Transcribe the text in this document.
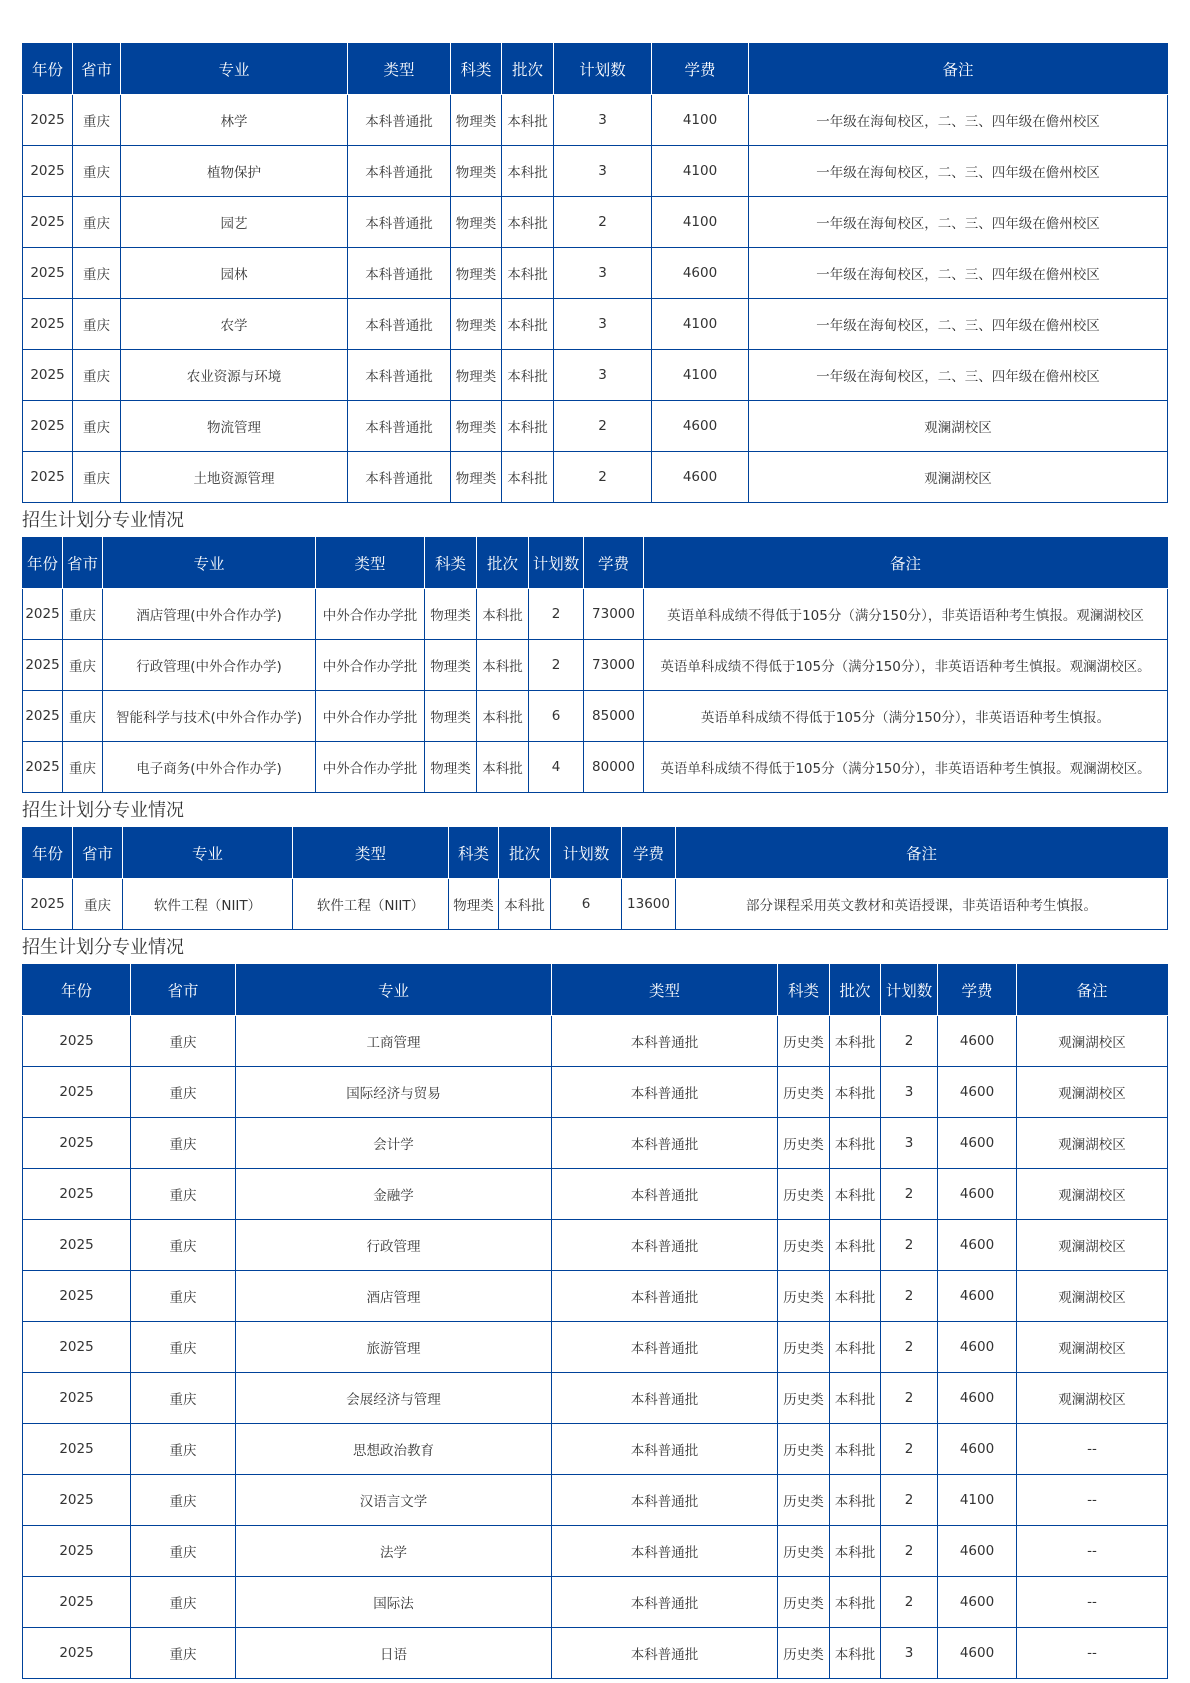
年份	省市	专业	类型	科类	批次	计划数	学费	备注
2025	重庆	林学	本科普通批	物理类	本科批	3	4100	一年级在海甸校区，二、三、四年级在儋州校区
2025	重庆	植物保护	本科普通批	物理类	本科批	3	4100	一年级在海甸校区，二、三、四年级在儋州校区
2025	重庆	园艺	本科普通批	物理类	本科批	2	4100	一年级在海甸校区，二、三、四年级在儋州校区
2025	重庆	园林	本科普通批	物理类	本科批	3	4600	一年级在海甸校区，二、三、四年级在儋州校区
2025	重庆	农学	本科普通批	物理类	本科批	3	4100	一年级在海甸校区，二、三、四年级在儋州校区
2025	重庆	农业资源与环境	本科普通批	物理类	本科批	3	4100	一年级在海甸校区，二、三、四年级在儋州校区
2025	重庆	物流管理	本科普通批	物理类	本科批	2	4600	观澜湖校区
2025	重庆	土地资源管理	本科普通批	物理类	本科批	2	4600	观澜湖校区
招生计划分专业情况
年份	省市	专业	类型	科类	批次	计划数	学费	备注
2025	重庆	酒店管理(中外合作办学)	中外合作办学批	物理类	本科批	2	73000	英语单科成绩不得低于105分（满分150分），非英语语种考生慎报。观澜湖校区
2025	重庆	行政管理(中外合作办学)	中外合作办学批	物理类	本科批	2	73000	英语单科成绩不得低于105分（满分150分），非英语语种考生慎报。观澜湖校区。
2025	重庆	智能科学与技术(中外合作办学)	中外合作办学批	物理类	本科批	6	85000	英语单科成绩不得低于105分（满分150分），非英语语种考生慎报。
2025	重庆	电子商务(中外合作办学)	中外合作办学批	物理类	本科批	4	80000	英语单科成绩不得低于105分（满分150分），非英语语种考生慎报。观澜湖校区。
招生计划分专业情况
年份	省市	专业	类型	科类	批次	计划数	学费	备注
2025	重庆	软件工程（NIIT）	软件工程（NIIT）	物理类	本科批	6	13600	部分课程采用英文教材和英语授课，非英语语种考生慎报。
招生计划分专业情况
年份	省市	专业	类型	科类	批次	计划数	学费	备注
2025	重庆	工商管理	本科普通批	历史类	本科批	2	4600	观澜湖校区
2025	重庆	国际经济与贸易	本科普通批	历史类	本科批	3	4600	观澜湖校区
2025	重庆	会计学	本科普通批	历史类	本科批	3	4600	观澜湖校区
2025	重庆	金融学	本科普通批	历史类	本科批	2	4600	观澜湖校区
2025	重庆	行政管理	本科普通批	历史类	本科批	2	4600	观澜湖校区
2025	重庆	酒店管理	本科普通批	历史类	本科批	2	4600	观澜湖校区
2025	重庆	旅游管理	本科普通批	历史类	本科批	2	4600	观澜湖校区
2025	重庆	会展经济与管理	本科普通批	历史类	本科批	2	4600	观澜湖校区
2025	重庆	思想政治教育	本科普通批	历史类	本科批	2	4600	--
2025	重庆	汉语言文学	本科普通批	历史类	本科批	2	4100	--
2025	重庆	法学	本科普通批	历史类	本科批	2	4600	--
2025	重庆	国际法	本科普通批	历史类	本科批	2	4600	--
2025	重庆	日语	本科普通批	历史类	本科批	3	4600	--
